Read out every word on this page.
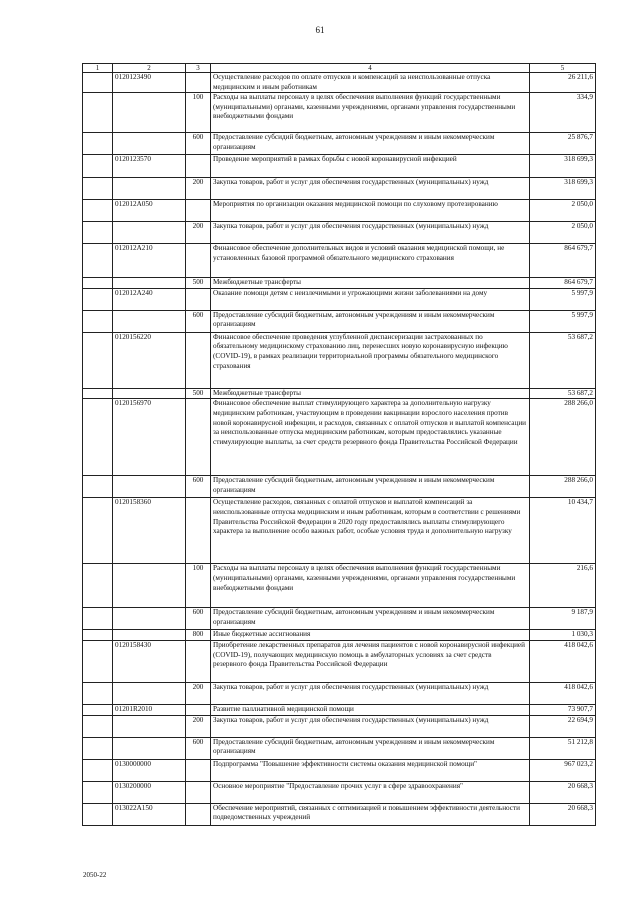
61
1	2	3	4	5
	0120123490		Осуществление расходов по оплате отпусков и компенсаций за неиспользованные отпуска медицинским и иным работникам	26 211,6
		100	Расходы на выплаты персоналу в целях обеспечения выполнения функций государственными (муниципальными) органами, казенными учреждениями, органами управления государственными внебюджетными фондами	334,9
		600	Предоставление субсидий бюджетным, автономным учреждениям и иным некоммерческим организациям	25 876,7
	0120123570		Проведение мероприятий в рамках борьбы с новой коронавирусной инфекцией	318 699,3
		200	Закупка товаров, работ и услуг для обеспечения государственных (муниципальных) нужд	318 699,3
	012012А050		Мероприятия по организации оказания медицинской помощи по слуховому протезированию	2 050,0
		200	Закупка товаров, работ и услуг для обеспечения государственных (муниципальных) нужд	2 050,0
	012012А210		Финансовое обеспечение дополнительных видов и условий оказания медицинской помощи, не установленных базовой программой обязательного медицинского страхования	864 679,7
		500	Межбюджетные трансферты	864 679,7
	012012А240		Оказание помощи детям с неизлечимыми и угрожающими жизни заболеваниями на дому	5 997,9
		600	Предоставление субсидий бюджетным, автономным учреждениям и иным некоммерческим организациям	5 997,9
	0120156220		Финансовое обеспечение проведения углубленной диспансеризации застрахованных по обязательному медицинскому страхованию лиц, перенесших новую коронавирусную инфекцию (COVID-19), в рамках реализации территориальной программы обязательного медицинского страхования	53 687,2
		500	Межбюджетные трансферты	53 687,2
	0120156970		Финансовое обеспечение выплат стимулирующего характера за дополнительную нагрузку медицинским работникам, участвующим в проведении вакцинации взрослого населения против новой коронавирусной инфекции, и расходов, связанных с оплатой отпусков и выплатой компенсации за неиспользованные отпуска медицинским работникам, которым предоставлялись указанные стимулирующие выплаты, за счет средств резервного фонда Правительства Российской Федерации	288 266,0
		600	Предоставление субсидий бюджетным, автономным учреждениям и иным некоммерческим организациям	288 266,0
	0120158360		Осуществление расходов, связанных с оплатой отпусков и выплатой компенсаций за неиспользованные отпуска медицинским и иным работникам, которым в соответствии с решениями Правительства Российской Федерации в 2020 году предоставлялись выплаты стимулирующего характера за выполнение особо важных работ, особые условия труда и дополнительную нагрузку	10 434,7
		100	Расходы на выплаты персоналу в целях обеспечения выполнения функций государственными (муниципальными) органами, казенными учреждениями, органами управления государственными внебюджетными фондами	216,6
		600	Предоставление субсидий бюджетным, автономным учреждениям и иным некоммерческим организациям	9 187,9
		800	Иные бюджетные ассигнования	1 030,3
	0120158430		Приобретение лекарственных препаратов для лечения пациентов с новой коронавирусной инфекцией (COVID-19), получающих медицинскую помощь в амбулаторных условиях за счет средств резервного фонда Правительства Российской Федерации	418 042,6
		200	Закупка товаров, работ и услуг для обеспечения государственных (муниципальных) нужд	418 042,6
	01201R2010		Развитие паллиативной медицинской помощи	73 907,7
		200	Закупка товаров, работ и услуг для обеспечения государственных (муниципальных) нужд	22 694,9
		600	Предоставление субсидий бюджетным, автономным учреждениям и иным некоммерческим организациям	51 212,8
	0130000000		Подпрограмма "Повышение эффективности системы оказания медицинской помощи"	967 023,2
	0130200000		Основное мероприятие "Предоставление прочих услуг в сфере здравоохранения"	20 668,3
	013022А150		Обеспечение мероприятий, связанных с оптимизацией и повышением эффективности деятельности подведомственных учреждений	20 668,3
2050-22
